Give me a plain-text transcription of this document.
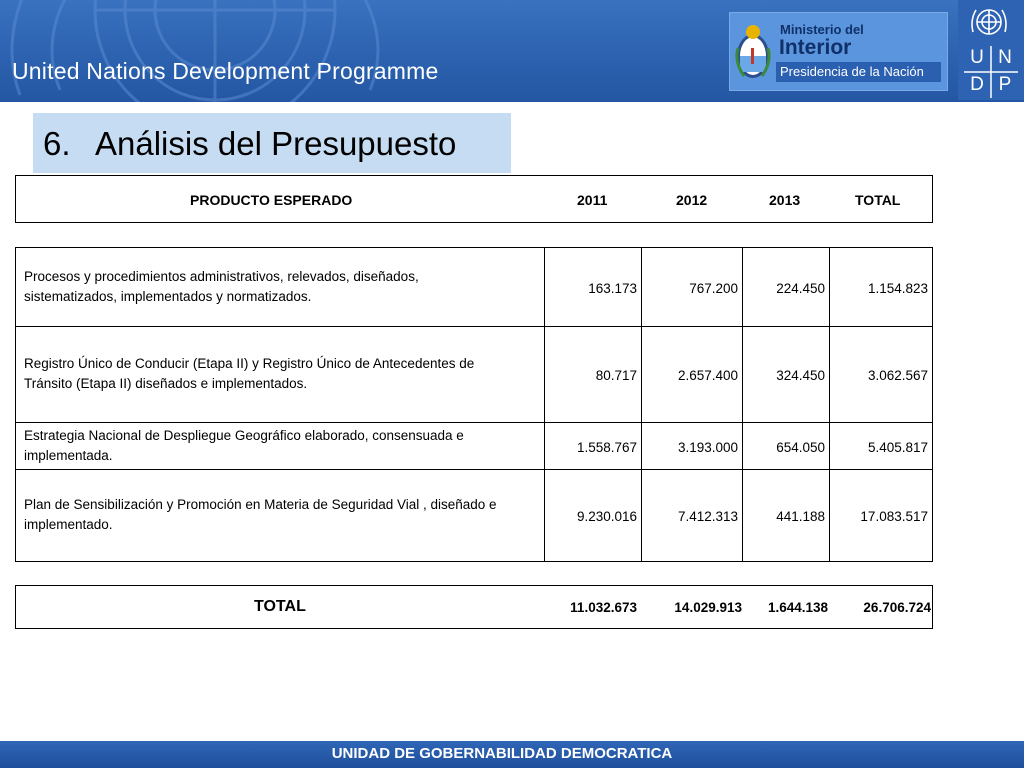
United Nations Development Programme
Ministerio del
Interior
Presidencia de la Nación
U N
D P
6. Análisis del Presupuesto
PRODUCTO ESPERADO	2011	2012	2013	TOTAL
Procesos y procedimientos administrativos, relevados, diseñados,
sistematizados, implementados y normatizados.
163.173	767.200	224.450	1.154.823
Registro Único de Conducir (Etapa II) y Registro Único de Antecedentes de
Tránsito (Etapa II) diseñados e implementados.
80.717	2.657.400	324.450	3.062.567
Estrategia Nacional de Despliegue Geográfico elaborado, consensuada e
implementada.
1.558.767	3.193.000	654.050	5.405.817
Plan de Sensibilización y Promoción en Materia de Seguridad Vial , diseñado e
implementado.
9.230.016	7.412.313	441.188	17.083.517
TOTAL	11.032.673	14.029.913	1.644.138	26.706.724
UNIDAD DE GOBERNABILIDAD DEMOCRATICA
